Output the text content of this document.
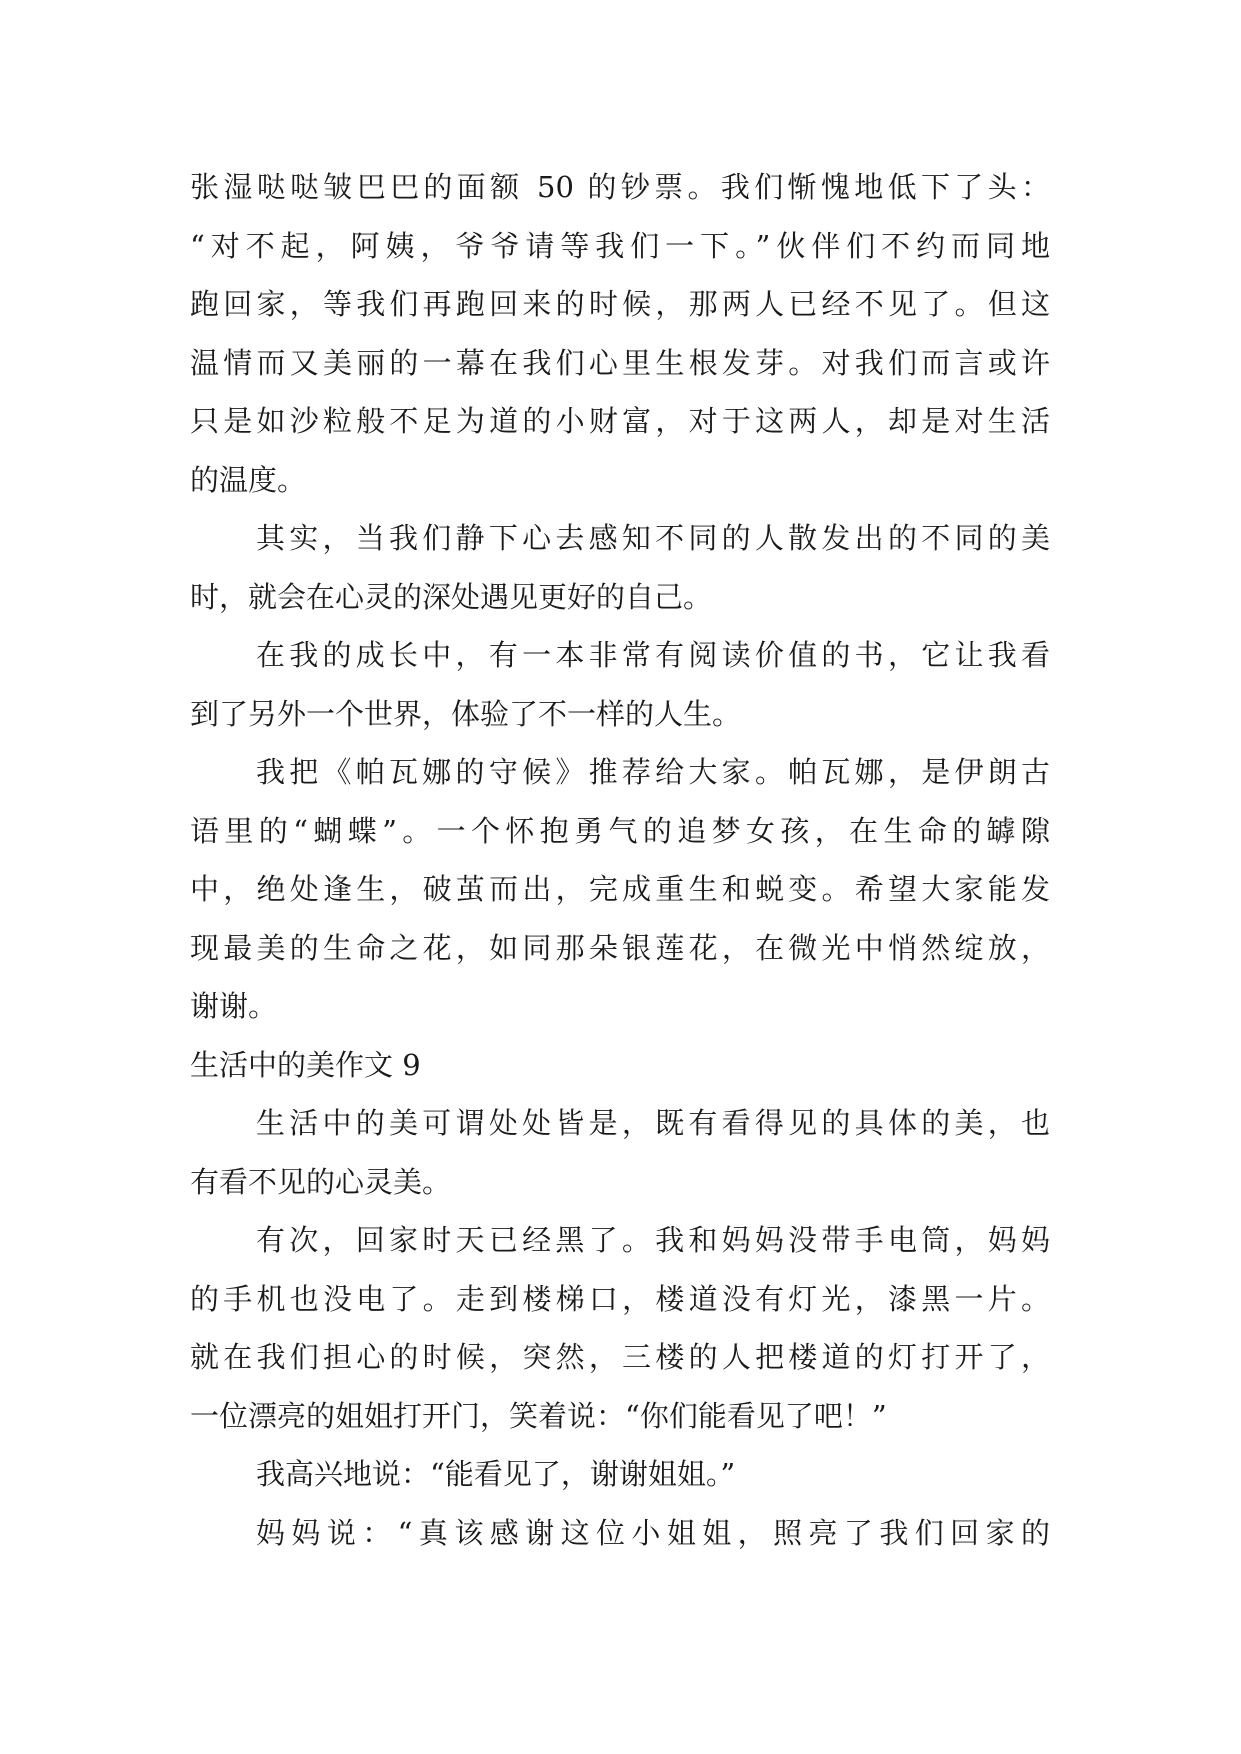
张湿哒哒皱巴巴的面额 50 的钞票。我们惭愧地低下了头：
“对不起，阿姨，爷爷请等我们一下。”伙伴们不约而同地
跑回家，等我们再跑回来的时候，那两人已经不见了。但这
温情而又美丽的一幕在我们心里生根发芽。对我们而言或许
只是如沙粒般不足为道的小财富，对于这两人，却是对生活
的温度。
其实，当我们静下心去感知不同的人散发出的不同的美
时，就会在心灵的深处遇见更好的自己。
在我的成长中，有一本非常有阅读价值的书，它让我看
到了另外一个世界，体验了不一样的人生。
我把《帕瓦娜的守候》推荐给大家。帕瓦娜，是伊朗古
语里的“蝴蝶”。一个怀抱勇气的追梦女孩，在生命的罅隙
中，绝处逢生，破茧而出，完成重生和蜕变。希望大家能发
现最美的生命之花，如同那朵银莲花，在微光中悄然绽放，
谢谢。
生活中的美作文 9
生活中的美可谓处处皆是，既有看得见的具体的美，也
有看不见的心灵美。
有次，回家时天已经黑了。我和妈妈没带手电筒，妈妈
的手机也没电了。走到楼梯口，楼道没有灯光，漆黑一片。
就在我们担心的时候，突然，三楼的人把楼道的灯打开了，
一位漂亮的姐姐打开门，笑着说：“你们能看见了吧！”
我高兴地说：“能看见了，谢谢姐姐。”
妈妈说：“真该感谢这位小姐姐，照亮了我们回家的
